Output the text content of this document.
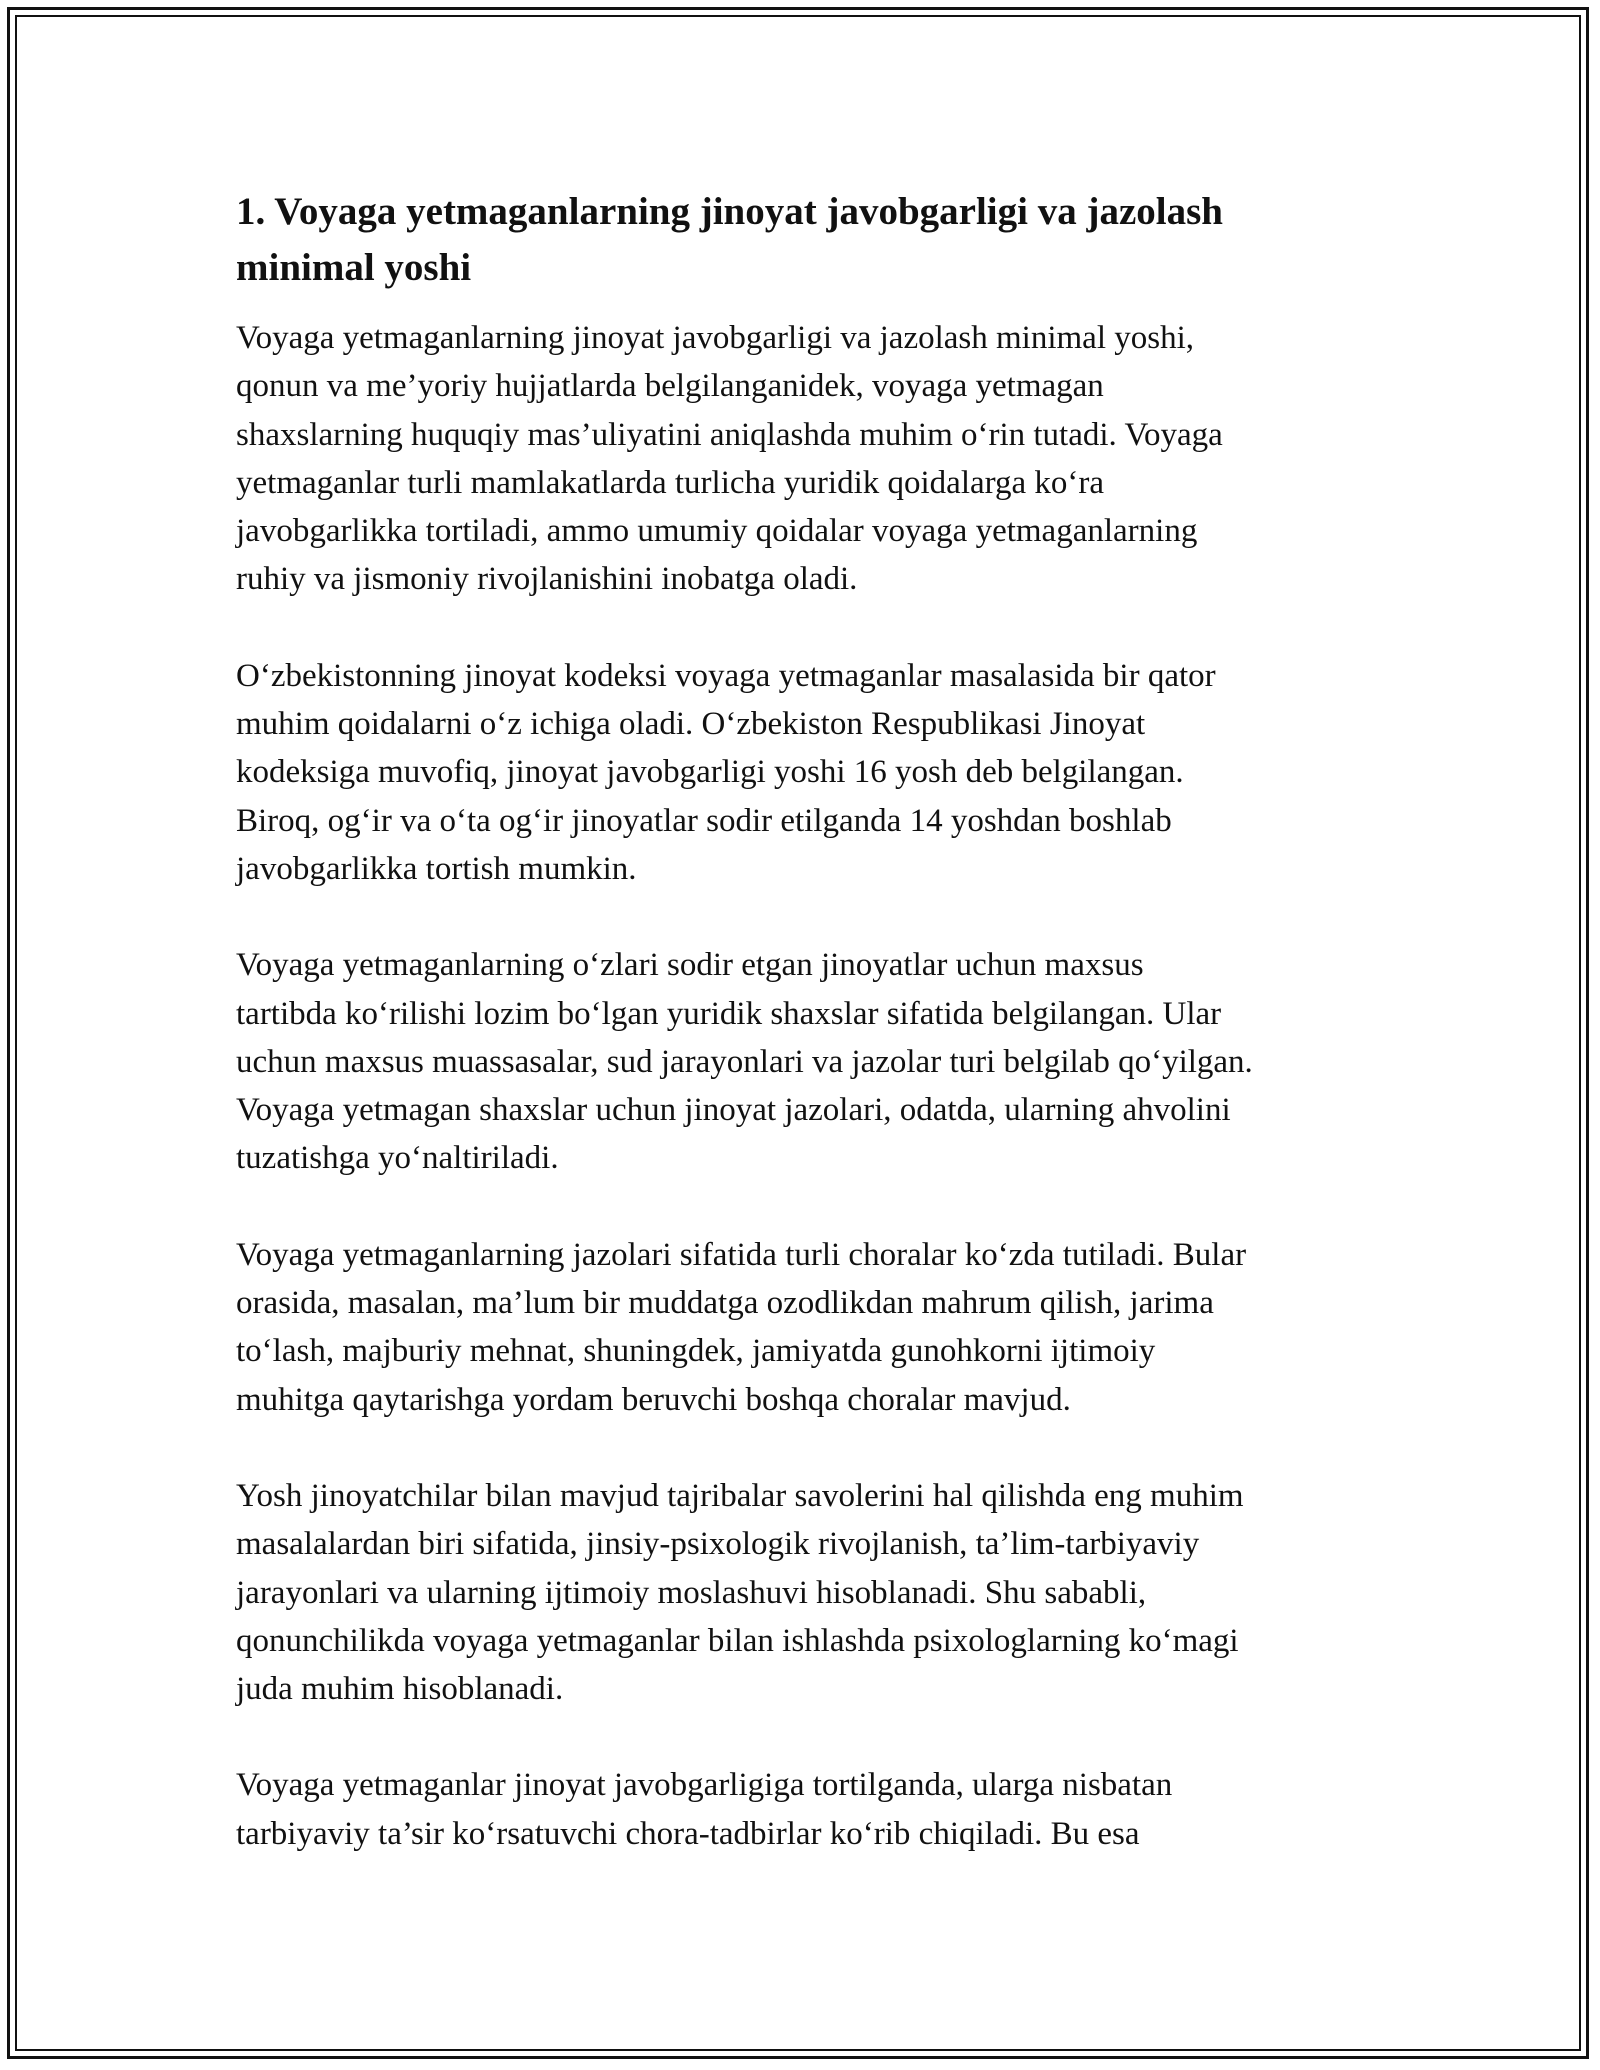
1. Voyaga yetmaganlarning jinoyat javobgarligi va jazolash
minimal yoshi

Voyaga yetmaganlarning jinoyat javobgarligi va jazolash minimal yoshi,
qonun va me’yoriy hujjatlarda belgilanganidek, voyaga yetmagan
shaxslarning huquqiy mas’uliyatini aniqlashda muhim o‘rin tutadi. Voyaga
yetmaganlar turli mamlakatlarda turlicha yuridik qoidalarga ko‘ra
javobgarlikka tortiladi, ammo umumiy qoidalar voyaga yetmaganlarning
ruhiy va jismoniy rivojlanishini inobatga oladi.

O‘zbekistonning jinoyat kodeksi voyaga yetmaganlar masalasida bir qator
muhim qoidalarni o‘z ichiga oladi. O‘zbekiston Respublikasi Jinoyat
kodeksiga muvofiq, jinoyat javobgarligi yoshi 16 yosh deb belgilangan.
Biroq, og‘ir va o‘ta og‘ir jinoyatlar sodir etilganda 14 yoshdan boshlab
javobgarlikka tortish mumkin.

Voyaga yetmaganlarning o‘zlari sodir etgan jinoyatlar uchun maxsus
tartibda ko‘rilishi lozim bo‘lgan yuridik shaxslar sifatida belgilangan. Ular
uchun maxsus muassasalar, sud jarayonlari va jazolar turi belgilab qo‘yilgan.
Voyaga yetmagan shaxslar uchun jinoyat jazolari, odatda, ularning ahvolini
tuzatishga yo‘naltiriladi.

Voyaga yetmaganlarning jazolari sifatida turli choralar ko‘zda tutiladi. Bular
orasida, masalan, ma’lum bir muddatga ozodlikdan mahrum qilish, jarima
to‘lash, majburiy mehnat, shuningdek, jamiyatda gunohkorni ijtimoiy
muhitga qaytarishga yordam beruvchi boshqa choralar mavjud.

Yosh jinoyatchilar bilan mavjud tajribalar savolerini hal qilishda eng muhim
masalalardan biri sifatida, jinsiy-psixologik rivojlanish, ta’lim-tarbiyaviy
jarayonlari va ularning ijtimoiy moslashuvi hisoblanadi. Shu sababli,
qonunchilikda voyaga yetmaganlar bilan ishlashda psixologlarning ko‘magi
juda muhim hisoblanadi.

Voyaga yetmaganlar jinoyat javobgarligiga tortilganda, ularga nisbatan
tarbiyaviy ta’sir ko‘rsatuvchi chora-tadbirlar ko‘rib chiqiladi. Bu esa
